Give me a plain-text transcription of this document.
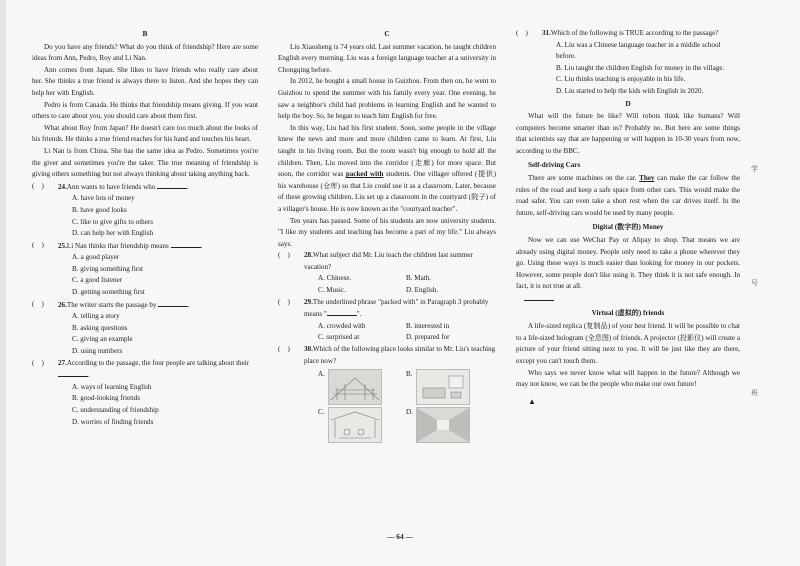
B

Do you have any friends? What do you think of friendship? Here are some ideas from Ann, Pedro, Roy and Li Nan.

Ann comes from Japan. She likes to have friends who really care about her. She thinks a true friend is always there to listen. And she hopes they can help her with English.

Pedro is from Canada. He thinks that friendship means giving. If you want others to care about you, you should care about them first.

What about Roy from Japan? He doesn't care too much about the looks of his friends. He thinks a true friend reaches for his hand and touches his heart.

Li Nan is from China. She has the same idea as Pedro. Sometimes you're the giver and sometimes you're the taker. The true meaning of friendship is giving others something but not always thinking about taking anything back.

( )	24.Ann wants to have friends who	.
A. have lots of money
B. have good looks
C. like to give gifts to others
D. can help her with English
( )	25.Li Nan thinks that friendship means	.
A. a good player
B. giving something first
C. a good listener
D. getting something first
( )	26.The writer starts the passage by	.
A. telling a story
B. asking questions
C. giving an example
D. using numbers
( )	27.According to the passage, the four people are talking about their .
A. ways of learning English
B. good-looking friends
C. understanding of friendship
D. worries of finding friends
C

Liu Xiaosheng is 74 years old. Last summer vacation, he taught children English every morning. Liu was a foreign language teacher at a university in Chongqing before.

In 2012, he bought a small house in Guizhou. From then on, he went to Guizhou to spend the summer with his family every year. One evening, he saw a neighbor's child had problems in learning English and he wanted to help the boy. So, he began to teach him English for free.

In this way, Liu had his first student. Soon, some people in the village knew the news and more and more children came to learn. At first, Liu taught in his living room. But the room wasn't big enough to hold all the children. Then, Liu moved into the corridor (走廊) for more space. But soon, the corridor was packed with students. One villager offered (提供) his warehouse (仓库) so that Liu could use it as a classroom. Later, because of these growing children, Liu set up a classroom in the courtyard (院子) of a villager's house. He is now known as the "courtyard teacher".

Ten years has passed. Some of his students are now university students. "I like my students and teaching has become a part of my life." Liu always says.

( )	28.What subject did Mr. Liu teach the children last summer vacation?
A. Chinese.	B. Math.
C. Music.	D. English.
( )	29.The underlined phrase "packed with" in Paragraph 3 probably means "	".
A. crowded with	B. interested in
C. surprised at	D. prepared for
( )	30.Which of the following place looks similar to Mr. Liu's teaching place now?
A.	B.
C.	D.
( )	31.Which of the following is TRUE according to the passage?
A. Liu was a Chinese language teacher in a middle school before.
B. Liu taught the children English for money in the village.
C. Liu thinks teaching is enjoyable in his life.
D. Liu started to help the kids with English in 2020.
D

What will the future be like? Will robots think like humans? Will computers become smarter than us? Probably no. But here are some things that scientists say that are happening or will happen in 10-30 years from now, according to the BBC.

Self-driving Cars

There are some machines on the car. They can make the car follow the rules of the road and keep a safe space from other cars. This would make the road safer. You can even take a short rest when the car drives itself. In the future, self-driving cars would be used by many people.

Digital (数字的) Money

Now we can use WeChat Pay or Alipay to shop. That means we are already using digital money. People only need to take a phone wherever they go. Using these ways is much easier than looking for money in our pockets. However, some people don't like using it. They think it is not safe enough. In fact, it is not true at all.

Virtual (虚拟的) friends

A life-sized replica (复制品) of your best friend. It will be possible to chat to a life-sized hologram (全息图) of friends. A projector (投影仪) will create a picture of your friend sitting next to you. It will be just like they are there, except you can't touch them.

Who says we never know what will happen in the future? Although we may not know, we can be the people who make our own future!

▲
学
号
班
— 64 —
